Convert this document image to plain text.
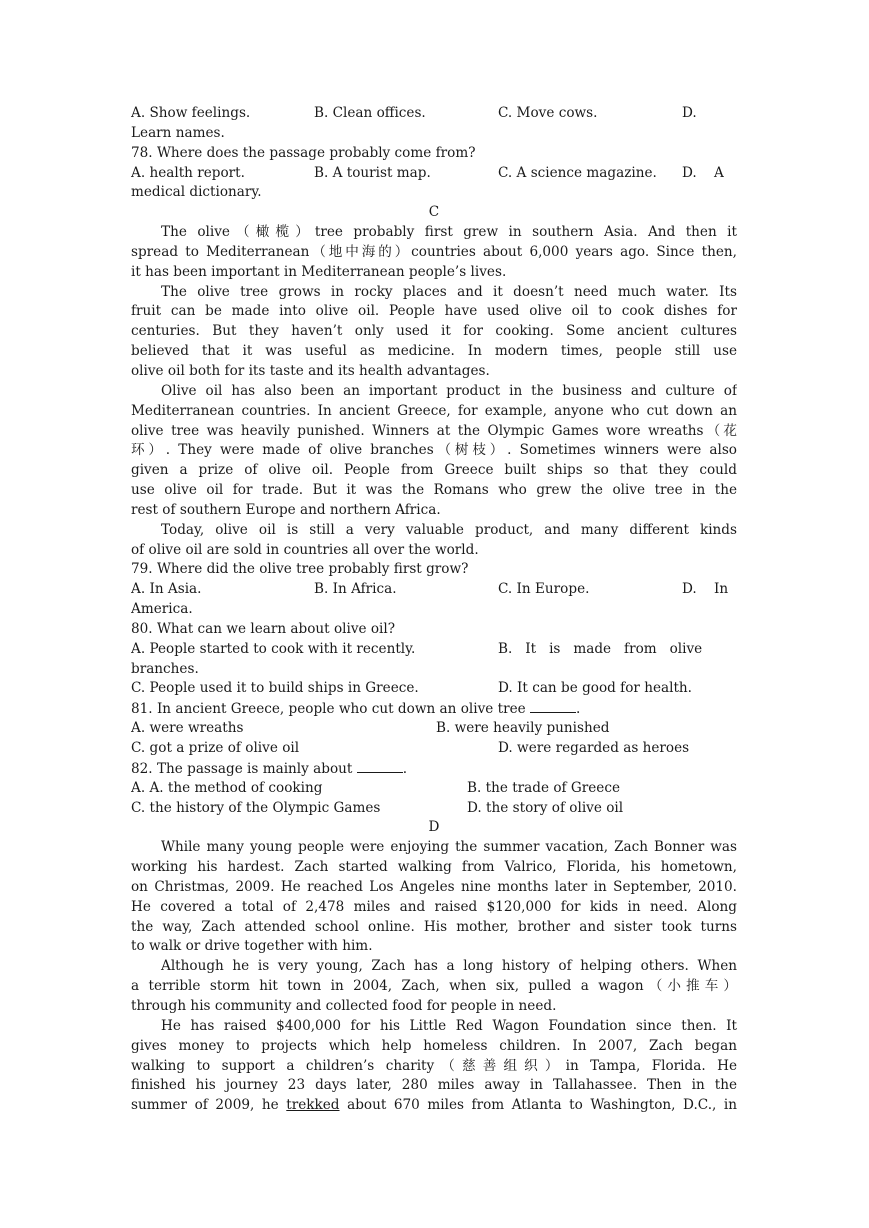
A. Show feelings.	B. Clean offices.	C. Move cows.	D.
Learn names.
78. Where does the passage probably come from?
A. health report.	B. A tourist map.	C. A science magazine.	D.    A
medical dictionary.
C
The olive（橄榄）tree probably first grew in southern Asia. And then it
spread to Mediterranean（地中海的）countries about 6,000 years ago. Since then,
it has been important in Mediterranean people’s lives.
The olive tree grows in rocky places and it doesn’t need much water. Its
fruit can be made into olive oil. People have used olive oil to cook dishes for
centuries. But they haven’t only used it for cooking. Some ancient cultures
believed that it was useful as medicine. In modern times, people still use
olive oil both for its taste and its health advantages.
Olive oil has also been an important product in the business and culture of
Mediterranean countries. In ancient Greece, for example, anyone who cut down an
olive tree was heavily punished. Winners at the Olympic Games wore wreaths（花
环）. They were made of olive branches（树枝）. Sometimes winners were also
given a prize of olive oil. People from Greece built ships so that they could
use olive oil for trade. But it was the Romans who grew the olive tree in the
rest of southern Europe and northern Africa.
Today, olive oil is still a very valuable product, and many different kinds
of olive oil are sold in countries all over the world.
79. Where did the olive tree probably first grow?
A. In Asia.	B. In Africa.	C. In Europe.	D.    In
America.
80. What can we learn about olive oil?
A. People started to cook with it recently.	B.   It   is   made   from   olive
branches.
C. People used it to build ships in Greece.	D. It can be good for health.
81. In ancient Greece, people who cut down an olive tree	.
A. were wreaths	B. were heavily punished
C. got a prize of olive oil	D. were regarded as heroes
82. The passage is mainly about	.
A. A. the method of cooking	B. the trade of Greece
C. the history of the Olympic Games	D. the story of olive oil
D
While many young people were enjoying the summer vacation, Zach Bonner was
working his hardest. Zach started walking from Valrico, Florida, his hometown,
on Christmas, 2009. He reached Los Angeles nine months later in September, 2010.
He covered a total of 2,478 miles and raised $120,000 for kids in need. Along
the way, Zach attended school online. His mother, brother and sister took turns
to walk or drive together with him.
Although he is very young, Zach has a long history of helping others. When
a terrible storm hit town in 2004, Zach, when six, pulled a wagon（小推车）
through his community and collected food for people in need.
He has raised $400,000 for his Little Red Wagon Foundation since then. It
gives money to projects which help homeless children. In 2007, Zach began
walking to support a children’s charity（慈善组织）in Tampa, Florida. He
finished his journey 23 days later, 280 miles away in Tallahassee. Then in the
summer of 2009, he trekked about 670 miles from Atlanta to Washington, D.C., in
